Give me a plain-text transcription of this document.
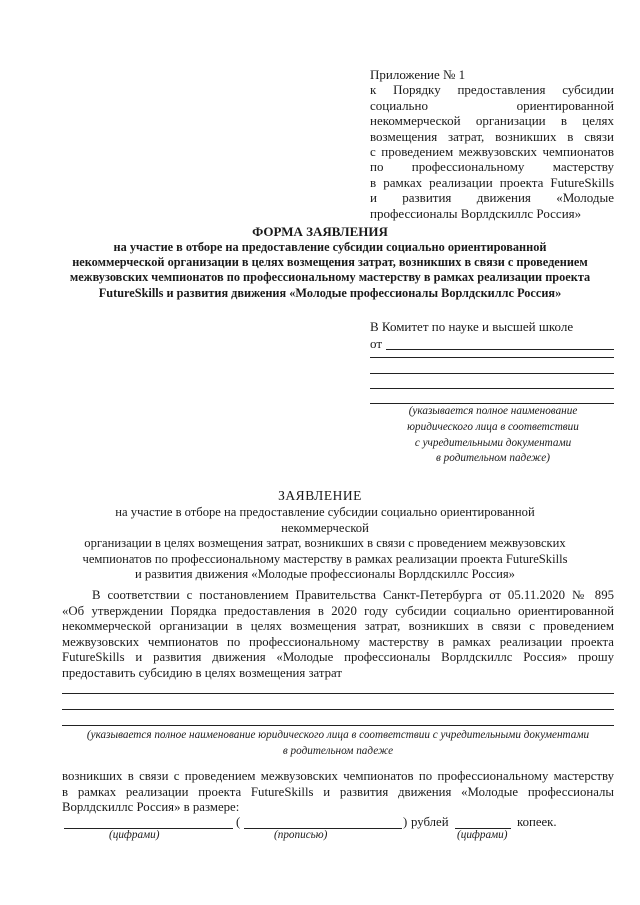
Приложение № 1
к Порядку предоставления субсидии
социально ориентированной
некоммерческой организации в целях
возмещения затрат, возникших в связи
с проведением межвузовских чемпионатов
по профессиональному мастерству
в рамках реализации проекта FutureSkills
и развития движения «Молодые
профессионалы Ворлдскиллс Россия»
ФОРМА ЗАЯВЛЕНИЯ
на участие в отборе на предоставление субсидии социально ориентированной
некоммерческой организации в целях возмещения затрат, возникших в связи с проведением
межвузовских чемпионатов по профессиональному мастерству в рамках реализации проекта
FutureSkills и развития движения «Молодые профессионалы Ворлдскиллс Россия»
В Комитет по науке и высшей школе
от
(указывается полное наименование
юридического лица в соответствии
с учредительными документами
в родительном падеже)
ЗАЯВЛЕНИЕ
на участие в отборе на предоставление субсидии социально ориентированной некоммерческой
организации в целях возмещения затрат, возникших в связи с проведением межвузовских
чемпионатов по профессиональному мастерству в рамках реализации проекта FutureSkills
и развития движения «Молодые профессионалы Ворлдскиллс Россия»
В соответствии с постановлением Правительства Санкт-Петербурга от 05.11.2020 № 895
«Об утверждении Порядка предоставления в 2020 году субсидии социально ориентированной
некоммерческой организации в целях возмещения затрат, возникших в связи с проведением
межвузовских чемпионатов по профессиональному мастерству в рамках реализации проекта
FutureSkills и развития движения «Молодые профессионалы Ворлдскиллс Россия» прошу
предоставить субсидию в целях возмещения затрат
(указывается полное наименование юридического лица в соответствии с учредительными документами
в родительном падеже
возникших в связи с проведением межвузовских чемпионатов по профессиональному мастерству
в рамках реализации проекта FutureSkills и развития движения «Молодые профессионалы
Ворлдскиллс Россия» в размере:
(	) рублей	копеек.
(цифрами)	(прописью)	(цифрами)
